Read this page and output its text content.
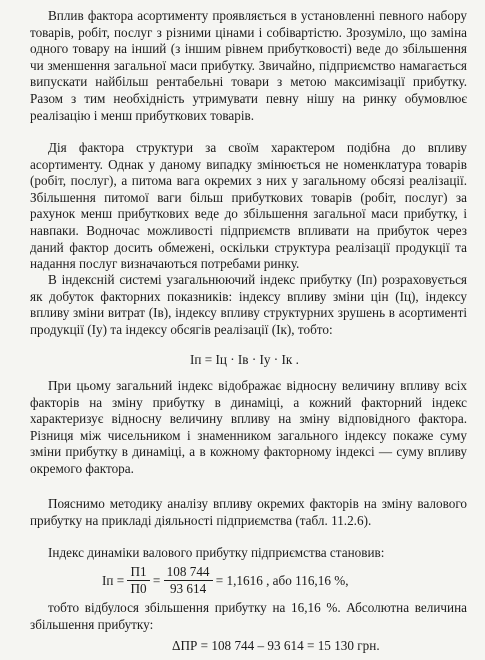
Вплив фактора асортименту проявляється в установленні певного набору товарів, робіт, послуг з різними цінами і собівартістю. Зрозуміло, що заміна одного товару на інший (з іншим рівнем прибутковості) веде до збільшення чи зменшення загальної маси прибутку. Звичайно, підприємство намагається випускати найбільш рентабельні товари з метою максимізації прибутку. Разом з тим необхідність утримувати певну нішу на ринку обумовлює реалізацію і менш прибуткових товарів.

Дія фактора структури за своїм характером подібна до впливу асортименту. Однак у даному випадку змінюється не номенклатура товарів (робіт, послуг), а питома вага окремих з них у загальному обсязі реалізації. Збільшення питомої ваги більш прибуткових товарів (робіт, послуг) за рахунок менш прибуткових веде до збільшення загальної маси прибутку, і навпаки. Водночас можливості підприємств впливати на прибуток через даний фактор досить обмежені, оскільки структура реалізації продукції та надання послуг визначаються потребами ринку.

В індексній системі узагальнюючий індекс прибутку (Iп) розраховується як добуток факторних показників: індексу впливу зміни цін (Iц), індексу впливу зміни витрат (Iв), індексу впливу структурних зрушень в асортименті продукції (Iу) та індексу обсягів реалізації (Iк), тобто:

Iп = Iц · Iв · Iу · Iк .

При цьому загальний індекс відображає відносну величину впливу всіх факторів на зміну прибутку в динаміці, а кожний факторний індекс характеризує відносну величину впливу на зміну відповідного фактора. Різниця між чисельником і знаменником загального індексу покаже суму зміни прибутку в динаміці, а в кожному факторному індексі — суму впливу окремого фактора.

Пояснимо методику аналізу впливу окремих факторів на зміну валового прибутку на прикладі діяльності підприємства (табл. 11.2.6).

Індекс динаміки валового прибутку підприємства становив:

Iп = $\frac{П1}{П0} = \frac{108 744}{93 614} = 1,1616$ , або 116,16 %,

тобто відбулося збільшення прибутку на 16,16 %. Абсолютна величина збільшення прибутку:

ΔПР = 108 744 – 93 614 = 15 130 грн.
